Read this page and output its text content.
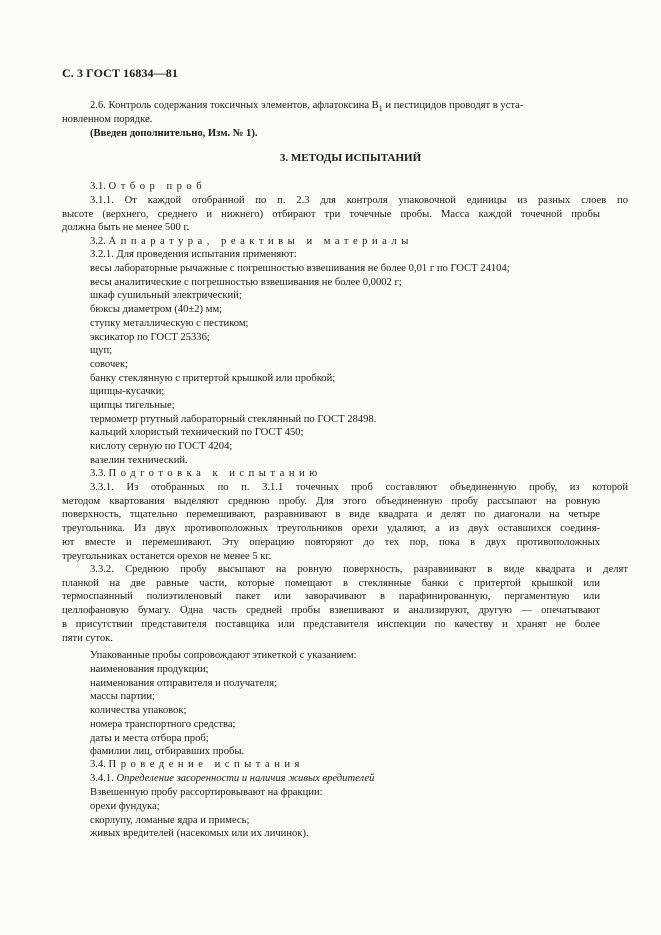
С. 3 ГОСТ 16834—81
2.6. Контроль содержания токсичных элементов, афлатоксина $B_1$ и пестицидов проводят в уста-
новленном порядке.
(Введен дополнительно, Изм. № 1).
3. МЕТОДЫ ИСПЫТАНИЙ
3.1. Отбор проб
3.1.1. От каждой отобранной по п. 2.3 для контроля упаковочной единицы из разных слоев по
высоте (верхнего, среднего и нижнего) отбирают три точечные пробы. Масса каждой точечной пробы
должна быть не менее 500 г.
3.2. Аппаратура, реактивы и материалы
3.2.1. Для проведения испытания применяют:
весы лабораторные рычажные с погрешностью взвешивания не более 0,01 г по ГОСТ 24104;
весы аналитические с погрешностью взвешивания не более 0,0002 г;
шкаф сушильный электрический;
бюксы диаметром (40±2) мм;
ступку металлическую с пестиком;
эксикатор по ГОСТ 25336;
щуп;
совочек;
банку стеклянную с притертой крышкой или пробкой;
щипцы-кусачки;
щипцы тигельные;
термометр ртутный лабораторный стеклянный по ГОСТ 28498.
кальций хлористый технический по ГОСТ 450;
кислоту серную по ГОСТ 4204;
вазелин технический.
3.3. Подготовка к испытанию
3.3.1. Из отобранных по п. 3.1.1 точечных проб составляют объединенную пробу, из которой
методом квартования выделяют среднюю пробу. Для этого объединенную пробу рассыпают на ровную
поверхность, тщательно перемешивают, разравнивают в виде квадрата и делят по диагонали на четыре
треугольника. Из двух противоположных треугольников орехи удаляют, а из двух оставшихся соединя-
ют вместе и перемешивают. Эту операцию повторяют до тех пор, пока в двух противоположных
треугольниках останется орехов не менее 5 кг.
3.3.2. Среднюю пробу высыпают на ровную поверхность, разравнивают в виде квадрата и делят
планкой на две равные части, которые помещают в стеклянные банки с притертой крышкой или
термоспаянный полиэтиленовый пакет или заворачивают в парафинированную, пергаментную или
целлофановую бумагу. Одна часть средней пробы взвешивают и анализируют, другую — опечатывают
в присутствии представителя поставщика или представителя инспекции по качеству и хранят не более
пяти суток.
Упакованные пробы сопровождают этикеткой с указанием:
наименования продукции;
наименования отправителя и получателя;
массы партии;
количества упаковок;
номера транспортного средства;
даты и места отбора проб;
фамилии лиц, отбиравших пробы.
3.4. Проведение испытания
3.4.1. Определение засоренности и наличия живых вредителей
Взвешенную пробу рассортировывают на фракции:
орехи фундука;
скорлупу, ломаные ядра и примесь;
живых вредителей (насекомых или их личинок).
